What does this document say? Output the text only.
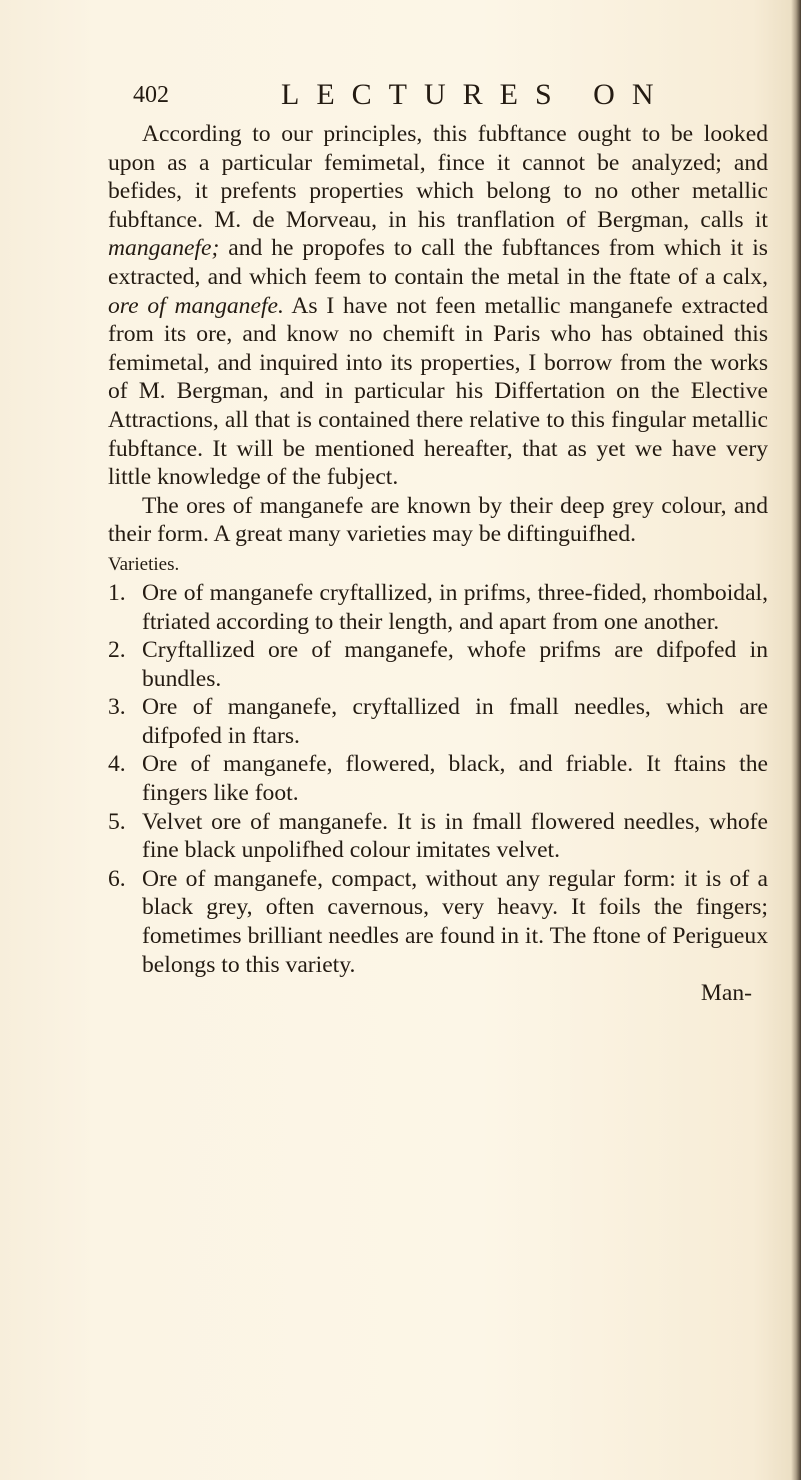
402	LECTURES ON

According to our principles, this fubftance ought to be looked upon as a particular femimetal, fince it cannot be analyzed; and befides, it prefents properties which belong to no other metallic fubftance. M. de Morveau, in his tranflation of Bergman, calls it manganefe; and he propofes to call the fubftances from which it is extracted, and which feem to contain the metal in the ftate of a calx, ore of manganefe. As I have not feen metallic manganefe extracted from its ore, and know no chemift in Paris who has obtained this femimetal, and inquired into its properties, I borrow from the works of M. Bergman, and in particular his Differtation on the Elective Attractions, all that is contained there relative to this fingular metallic fubftance. It will be mentioned hereafter, that as yet we have very little knowledge of the fubject.

The ores of manganefe are known by their deep grey colour, and their form. A great many varieties may be diftinguifhed.

Varieties.

1. Ore of manganefe cryftallized, in prifms, three-fided, rhomboidal, ftriated according to their length, and apart from one another.
2. Cryftallized ore of manganefe, whofe prifms are difpofed in bundles.
3. Ore of manganefe, cryftallized in fmall needles, which are difpofed in ftars.
4. Ore of manganefe, flowered, black, and friable. It ftains the fingers like foot.
5. Velvet ore of manganefe. It is in fmall flowered needles, whofe fine black unpolifhed colour imitates velvet.
6. Ore of manganefe, compact, without any regular form: it is of a black grey, often cavernous, very heavy. It foils the fingers; fometimes brilliant needles are found in it. The ftone of Perigueux belongs to this variety.

Man-
